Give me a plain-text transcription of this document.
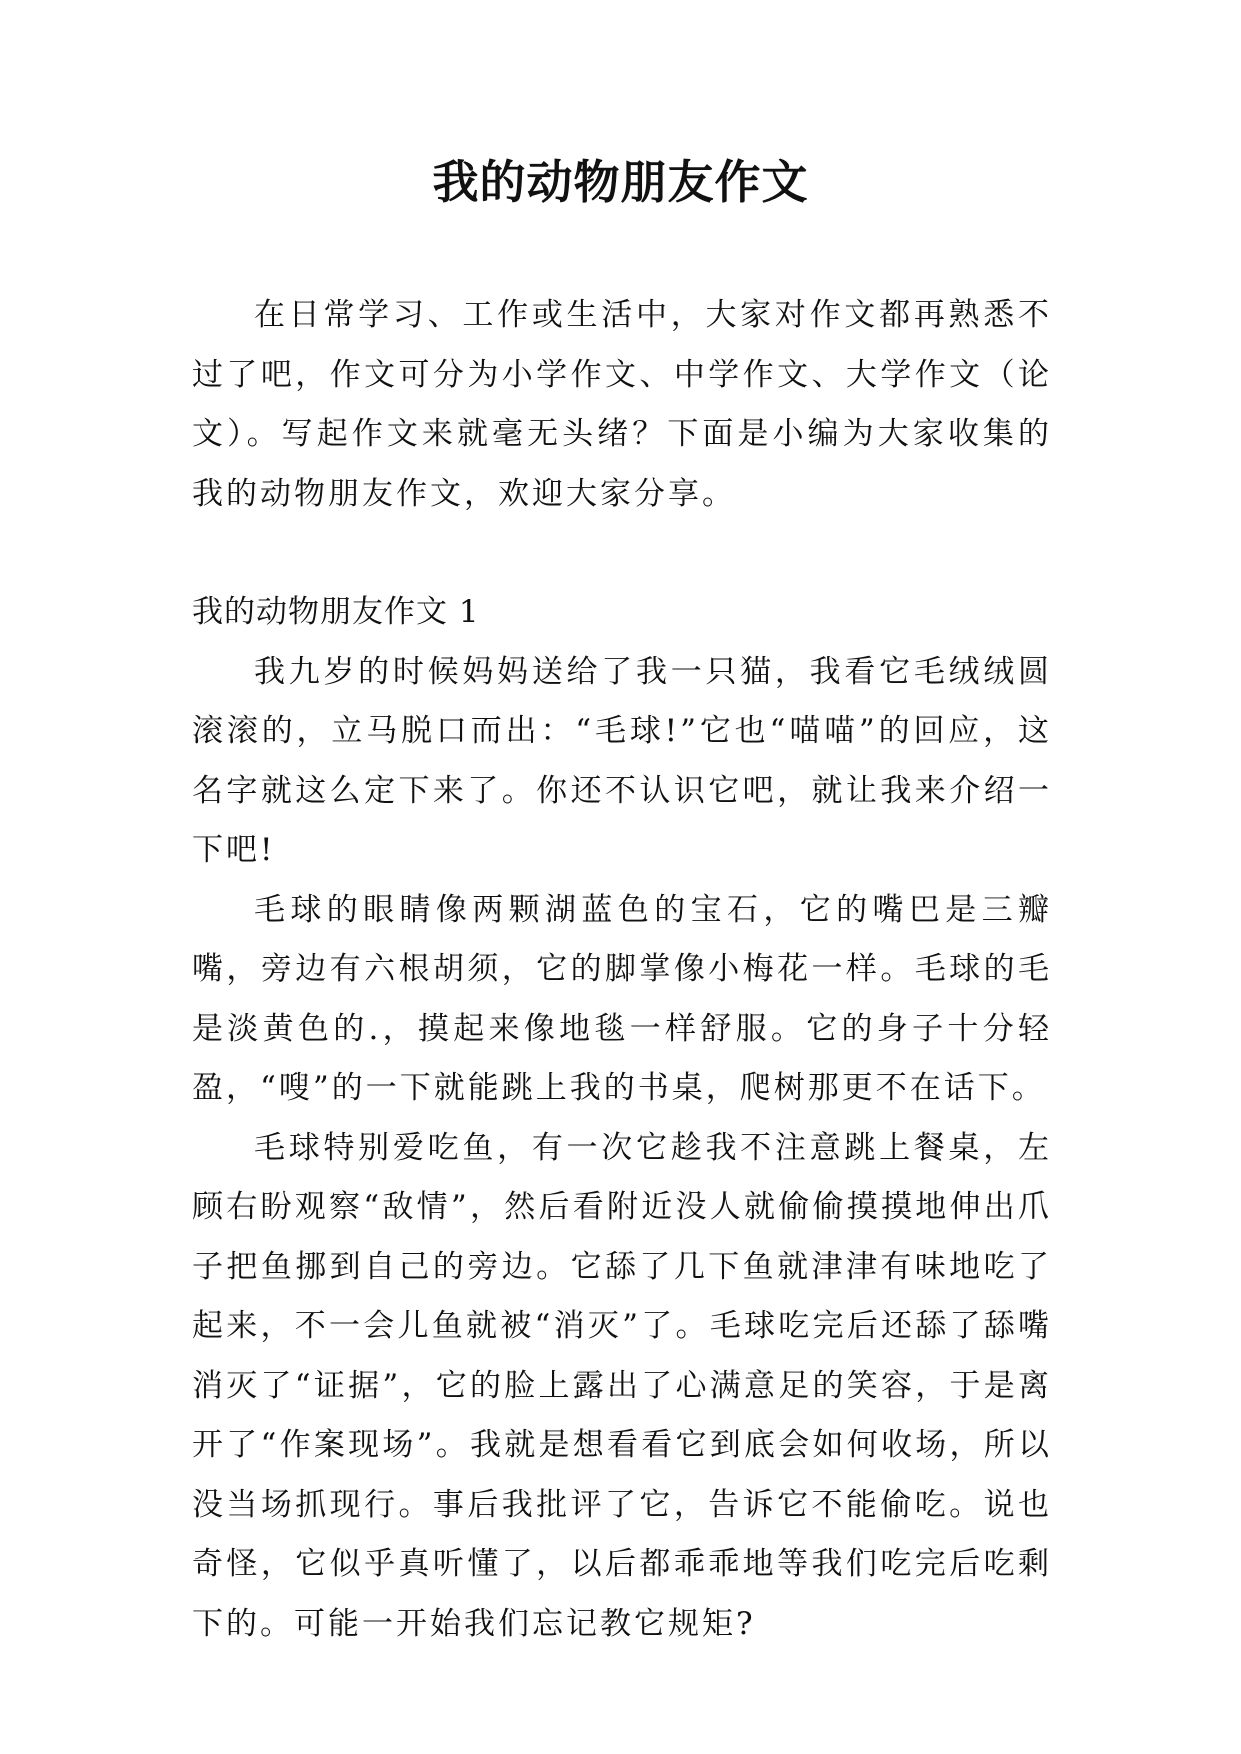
我的动物朋友作文

在日常学习、工作或生活中，大家对作文都再熟悉不过了吧，作文可分为小学作文、中学作文、大学作文（论文）。写起作文来就毫无头绪？下面是小编为大家收集的我的动物朋友作文，欢迎大家分享。

我的动物朋友作文 1

我九岁的时候妈妈送给了我一只猫，我看它毛绒绒圆滚滚的，立马脱口而出：“毛球!”它也“喵喵”的回应，这名字就这么定下来了。你还不认识它吧，就让我来介绍一下吧!

毛球的眼睛像两颗湖蓝色的宝石，它的嘴巴是三瓣嘴，旁边有六根胡须，它的脚掌像小梅花一样。毛球的毛是淡黄色的.，摸起来像地毯一样舒服。它的身子十分轻盈，“嗖”的一下就能跳上我的书桌，爬树那更不在话下。

毛球特别爱吃鱼，有一次它趁我不注意跳上餐桌，左顾右盼观察“敌情”，然后看附近没人就偷偷摸摸地伸出爪子把鱼挪到自己的旁边。它舔了几下鱼就津津有味地吃了起来，不一会儿鱼就被“消灭”了。毛球吃完后还舔了舔嘴消灭了“证据”，它的脸上露出了心满意足的笑容，于是离开了“作案现场”。我就是想看看它到底会如何收场，所以没当场抓现行。事后我批评了它，告诉它不能偷吃。说也奇怪，它似乎真听懂了，以后都乖乖地等我们吃完后吃剩下的。可能一开始我们忘记教它规矩?
